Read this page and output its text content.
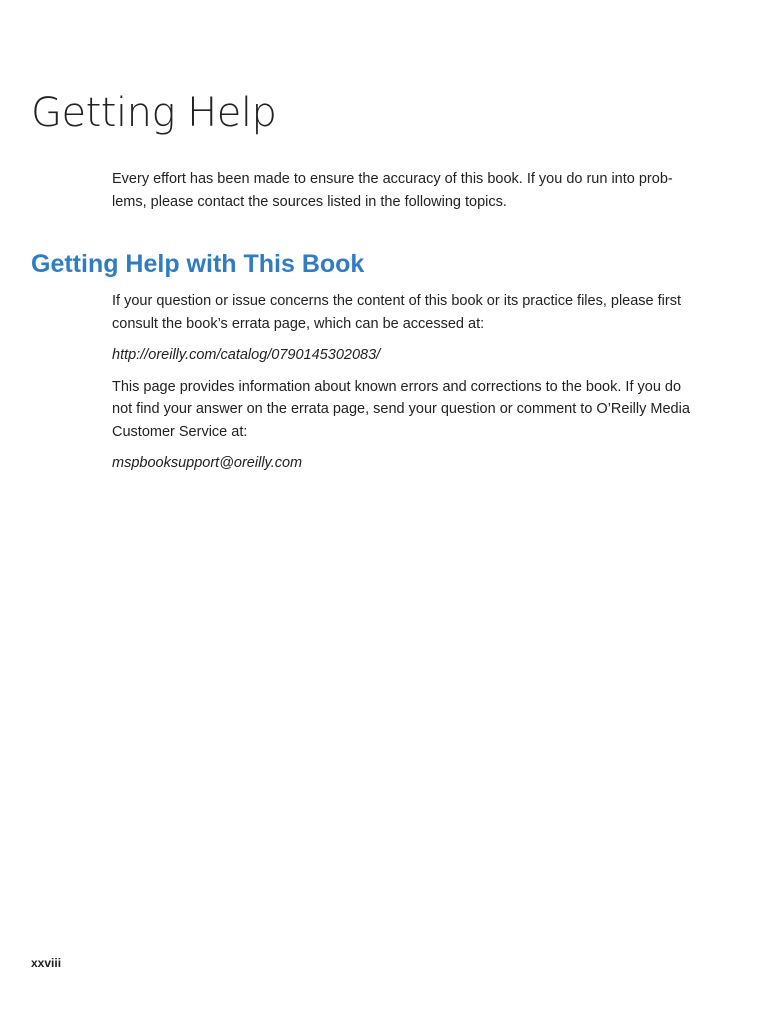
Getting Help

Every effort has been made to ensure the accuracy of this book. If you do run into prob-lems, please contact the sources listed in the following topics.

Getting Help with This Book

If your question or issue concerns the content of this book or its practice files, please first consult the book’s errata page, which can be accessed at:

http://oreilly.com/catalog/0790145302083/

This page provides information about known errors and corrections to the book. If you do not find your answer on the errata page, send your question or comment to O’Reilly Media Customer Service at:

mspbooksupport@oreilly.com

xxviii
